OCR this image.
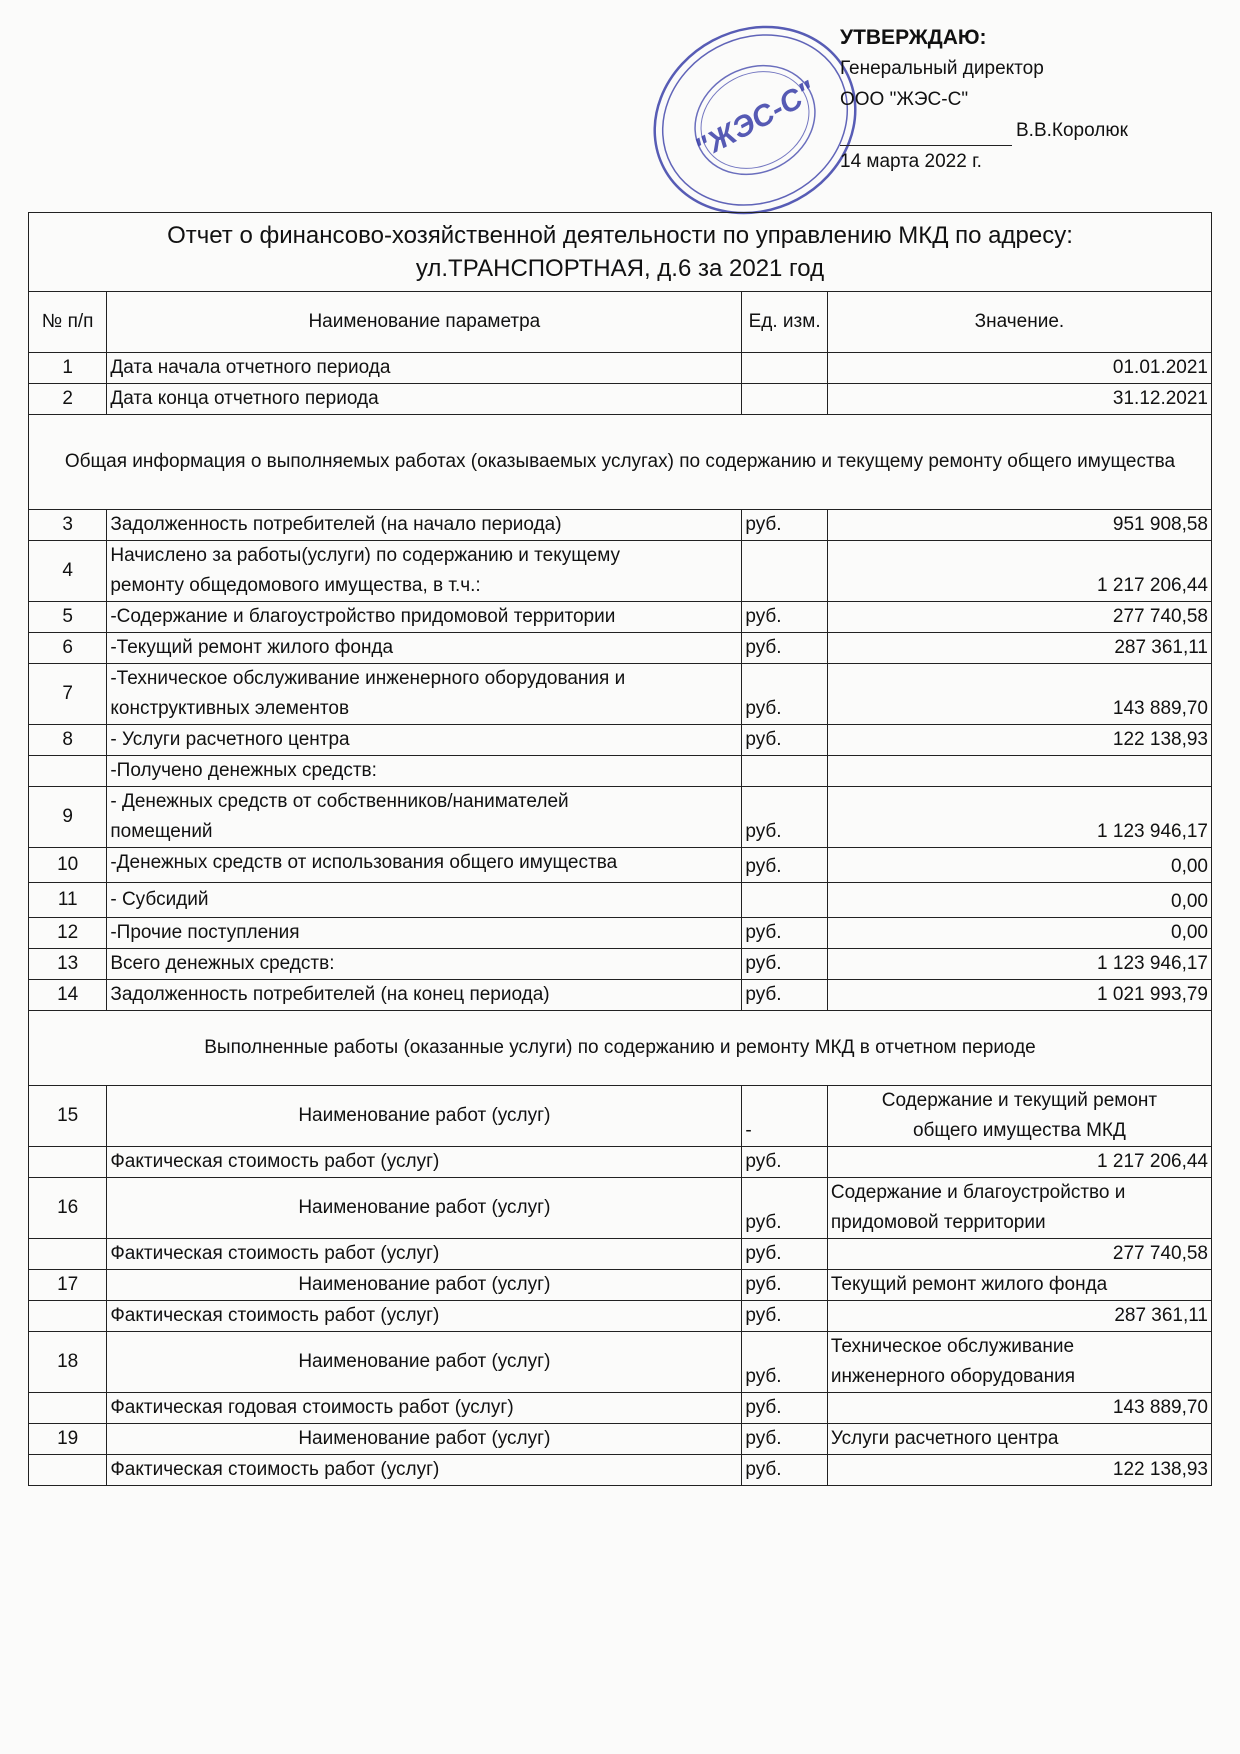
"ЖЭС-С"
УТВЕРЖДАЮ:
Генеральный директор
ООО "ЖЭС-С"
В.В.Королюк
14 марта 2022 г.
Отчет о финансово-хозяйственной деятельности по управлению МКД по адресу:
ул.ТРАНСПОРТНАЯ, д.6 за 2021 год			

№ п/п	Наименование параметра	Ед. изм.	Значение.
1	Дата начала отчетного периода		01.01.2021
2	Дата конца отчетного периода		31.12.2021
Общая информация о выполняемых работах (оказываемых услугах) по содержанию и текущему ремонту общего имущества			
3	Задолженность потребителей (на начало периода)	руб.	951 908,58
4	Начислено за работы(услуги) по содержанию и текущему
ремонту общедомового имущества, в т.ч.:		1 217 206,44
5	-Содержание и благоустройство придомовой территории	руб.	277 740,58
6	-Текущий ремонт жилого фонда	руб.	287 361,11
7	-Техническое обслуживание инженерного оборудования и
конструктивных элементов	руб.	143 889,70
8	- Услуги расчетного центра	руб.	122 138,93
	-Получено денежных средств:		
9	- Денежных средств от собственников/нанимателей
помещений	руб.	1 123 946,17
10	-Денежных средств от использования общего имущества	руб.	0,00
11	- Субсидий		0,00
12	-Прочие поступления	руб.	0,00
13	Всего денежных средств:	руб.	1 123 946,17
14	Задолженность потребителей (на конец периода)	руб.	1 021 993,79
Выполненные работы (оказанные услуги) по содержанию и ремонту МКД в отчетном периоде			
15	Наименование работ (услуг)	-	Содержание и текущий ремонт
общего имущества МКД

	Фактическая стоимость работ (услуг)	руб.	1 217 206,44
16	Наименование работ (услуг)	руб.	Содержание и благоустройство и
придомовой территории

	Фактическая стоимость работ (услуг)	руб.	277 740,58
17	Наименование работ (услуг)	руб.	Текущий ремонт жилого фонда
	Фактическая стоимость работ (услуг)	руб.	287 361,11
18	Наименование работ (услуг)	руб.	Техническое обслуживание
инженерного оборудования

	Фактическая годовая стоимость работ (услуг)	руб.	143 889,70
19	Наименование работ (услуг)	руб.	Услуги расчетного центра
	Фактическая стоимость работ (услуг)	руб.	122 138,93
